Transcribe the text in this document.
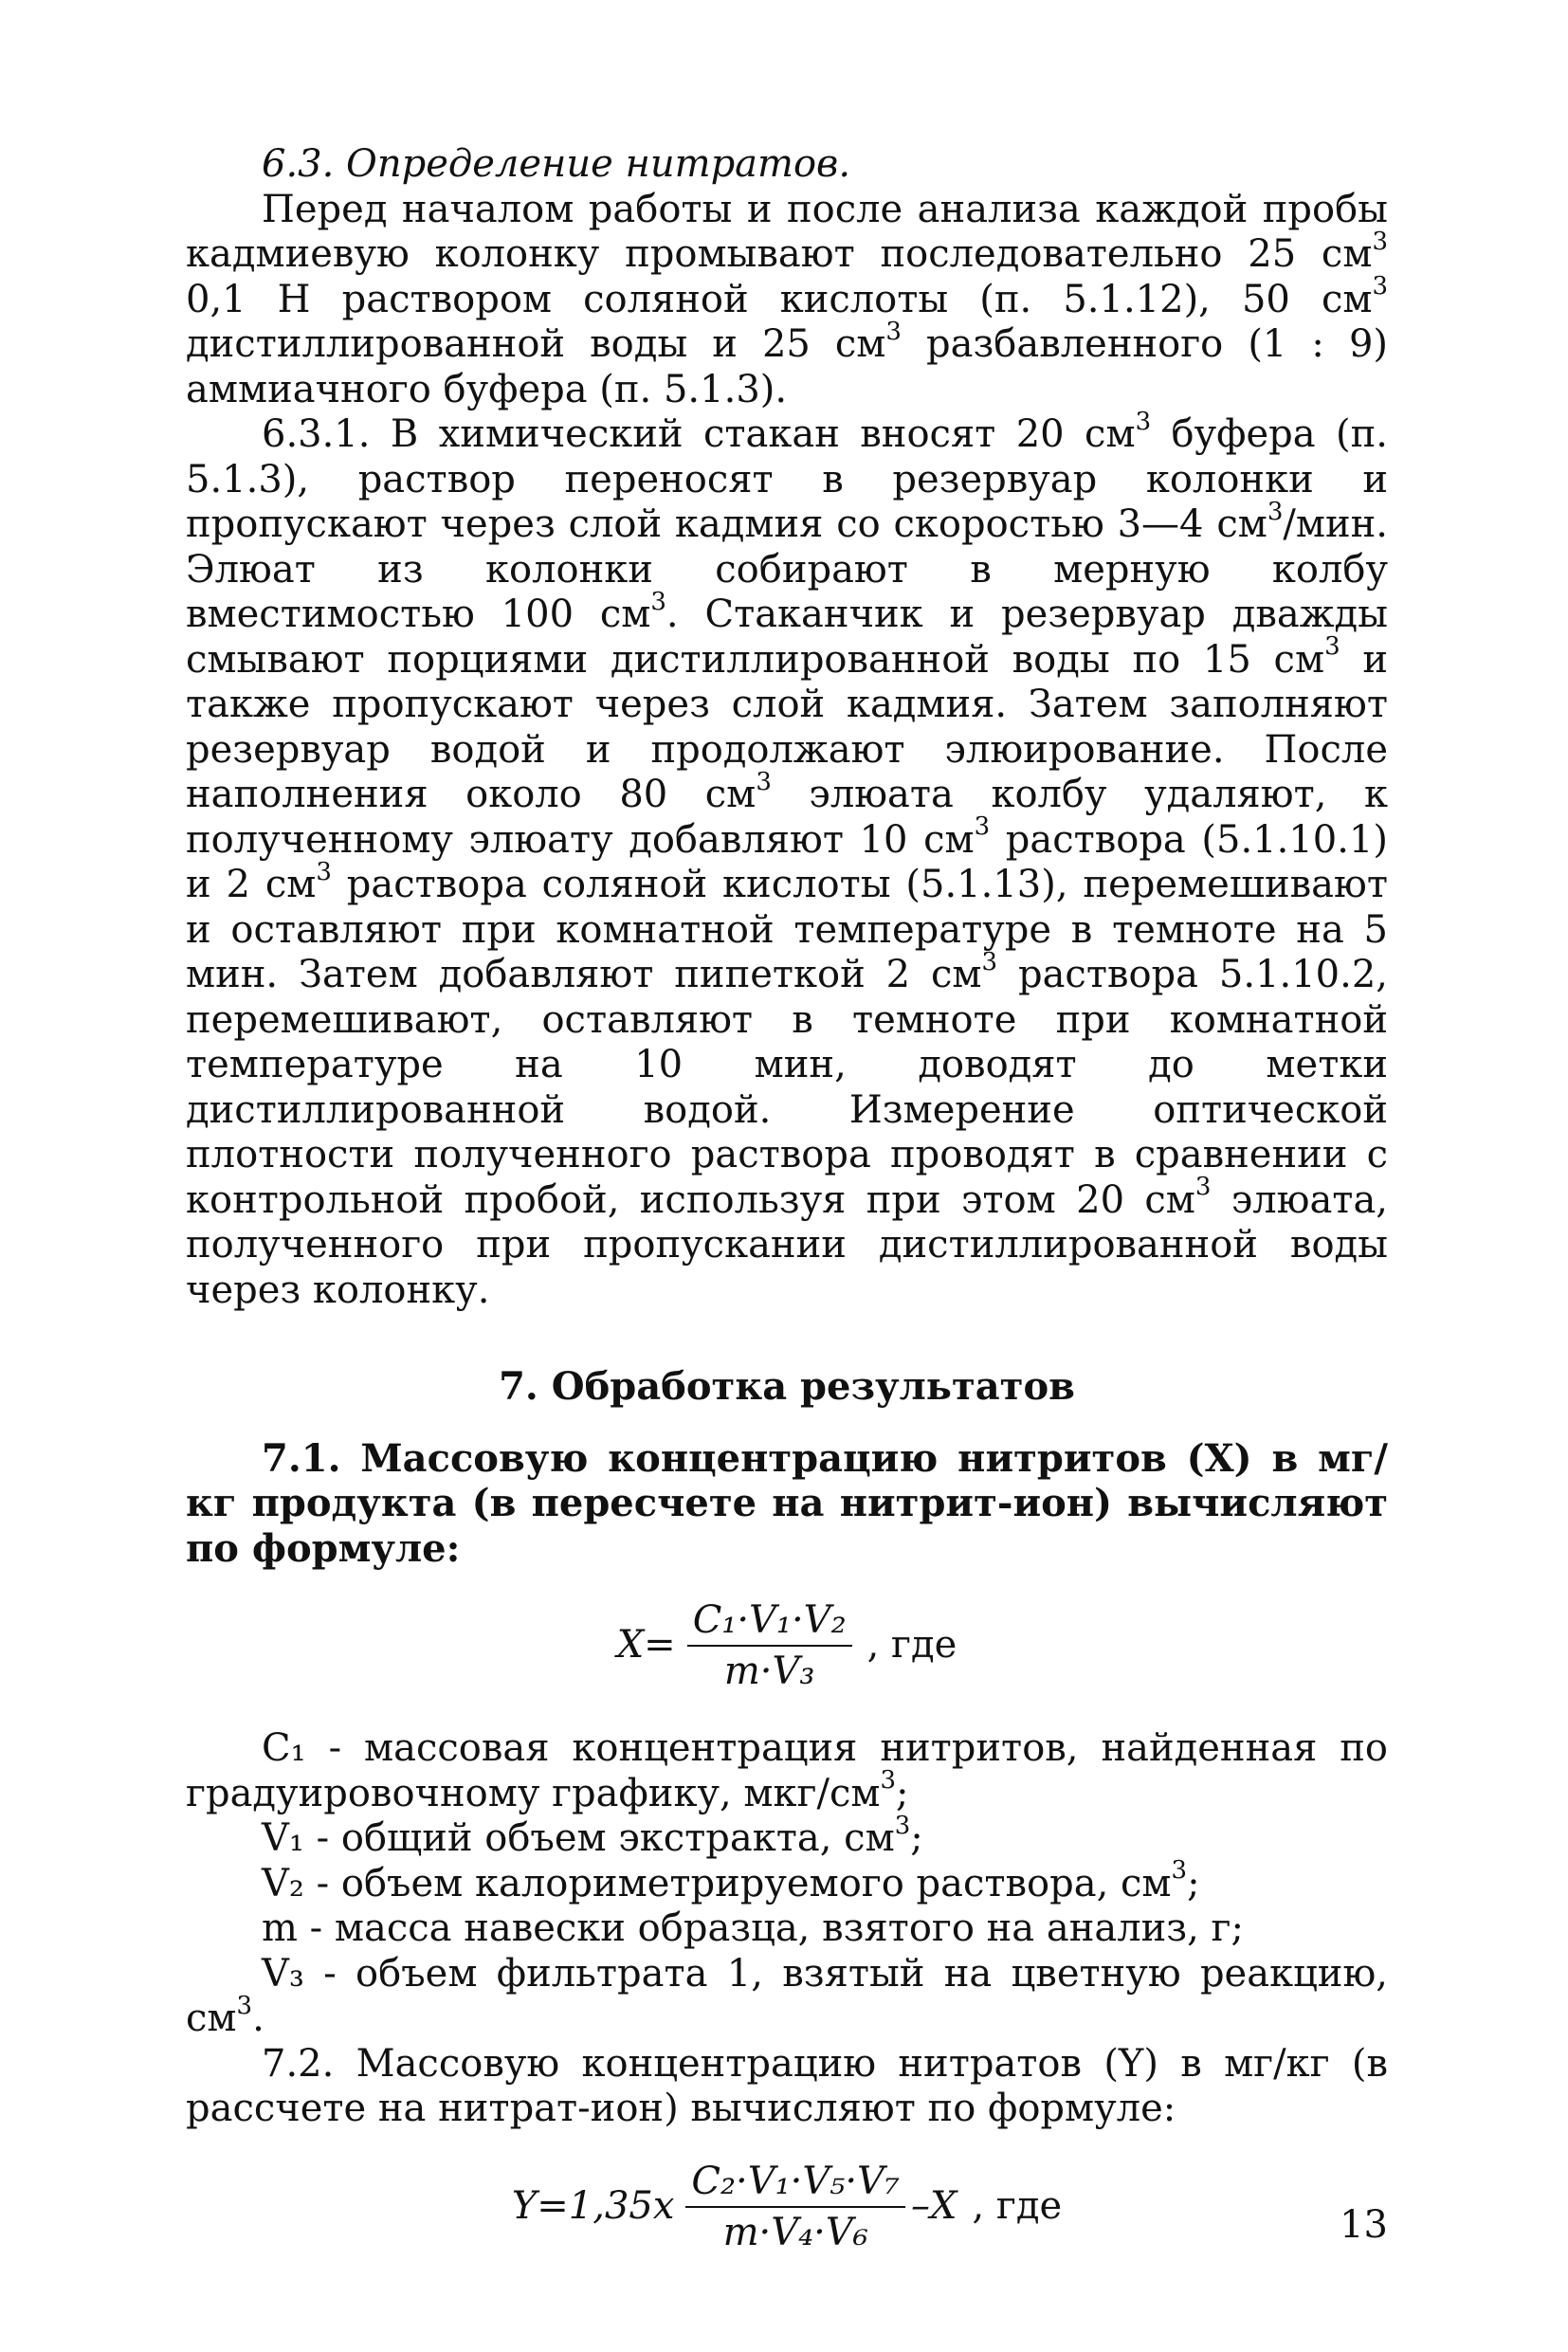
6.3. Определение нитратов.

Перед началом работы и после анализа каждой пробы кадмиевую колонку промывают последовательно 25 $см^3$ 0,1 Н раствором соляной кислоты (п. 5.1.12), 50 $см^3$ дистиллированной воды и 25 $см^3$ разбавленного (1 : 9) аммиачного буфера (п. 5.1.3).

6.3.1. В химический стакан вносят 20 $см^3$ буфера (п. 5.1.3), раствор переносят в резервуар колонки и пропускают через слой кадмия со скоростью 3—4 $см^3$/мин. Элюат из колонки собирают в мерную колбу вместимостью 100 $см^3$. Стаканчик и резервуар дважды смывают порциями дистиллированной воды по 15 $см^3$ и также пропускают через слой кадмия. Затем заполняют резервуар водой и продолжают элюирование. После наполнения около 80 $см^3$ элюата колбу удаляют, к полученному элюату добавляют 10 $см^3$ раствора (5.1.10.1) и 2 $см^3$ раствора соляной кислоты (5.1.13), перемешивают и оставляют при комнатной температуре в темноте на 5 мин. Затем добавляют пипеткой 2 $см^3$ раствора 5.1.10.2, перемешивают, оставляют в темноте при комнатной температуре на 10 мин, доводят до метки дистиллированной водой. Измерение оптической плотности полученного раствора проводят в сравнении с контрольной пробой, используя при этом 20 $см^3$ элюата, полученного при пропускании дистиллированной воды через колонку.

7. Обработка результатов

7.1. Массовую концентрацию нитритов (X) в мг/кг продукта (в пересчете на нитрит-ион) вычисляют по формуле:

$X= \frac{\text{C₁·V₁·V₂}}{\text{m·V₃}}$ , где

C₁ - массовая концентрация нитритов, найденная по градуировочному графику, мкг/$см^3$;

V₁ - общий объем экстракта, $см^3$;

V₂ - объем калориметрируемого раствора, $см^3$;

m - масса навески образца, взятого на анализ, г;

V₃ - объем фильтрата 1, взятый на цветную реакцию, $см^3$.

7.2. Массовую концентрацию нитратов (Y) в мг/кг (в рассчете на нитрат-ион) вычисляют по формуле:

$Y=1,35x \frac{\text{C₂·V₁·V₅·V₇}}{\text{m·V₄·V₆}} -X$ , где	13
